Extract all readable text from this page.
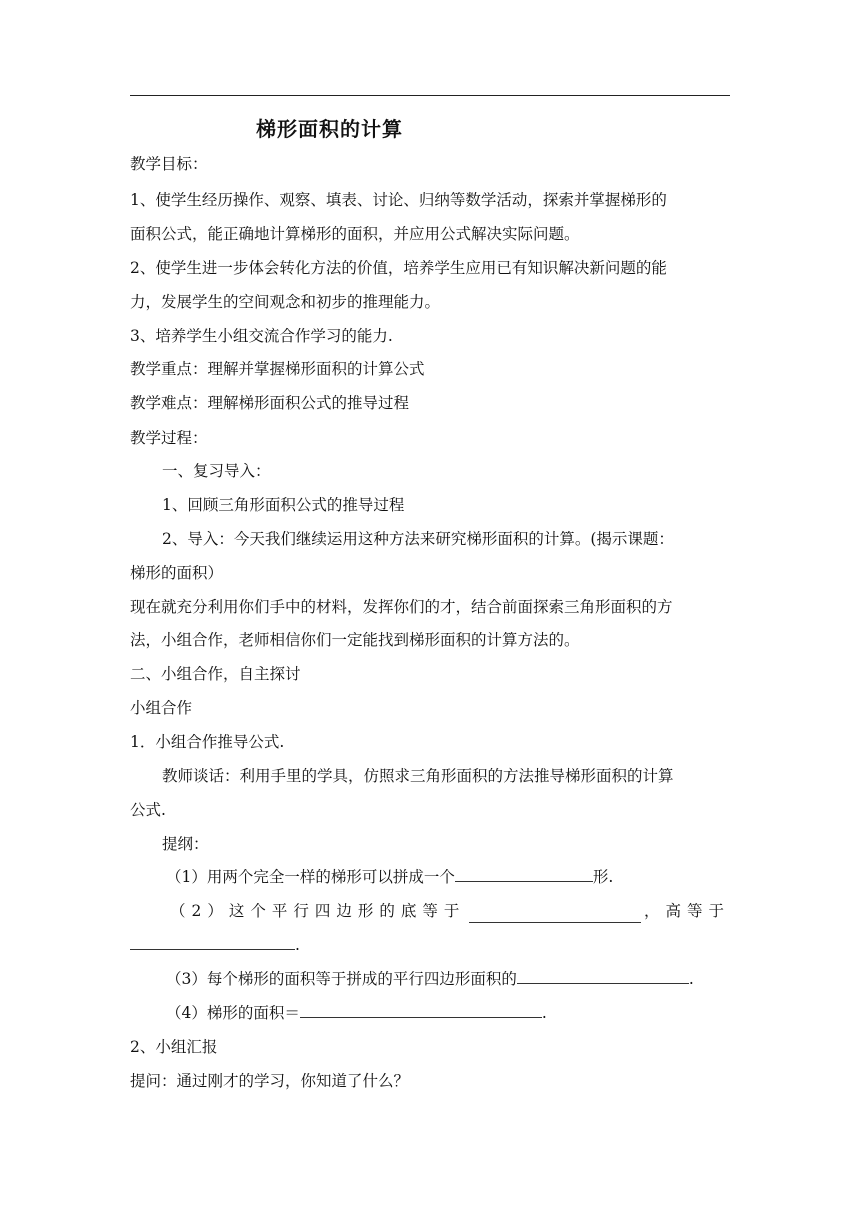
梯形面积的计算
教学目标：
1、使学生经历操作、观察、填表、讨论、归纳等数学活动，探索并掌握梯形的
面积公式，能正确地计算梯形的面积，并应用公式解决实际问题。
2、使学生进一步体会转化方法的价值，培养学生应用已有知识解决新问题的能
力，发展学生的空间观念和初步的推理能力。
3、培养学生小组交流合作学习的能力.
教学重点：理解并掌握梯形面积的计算公式
教学难点：理解梯形面积公式的推导过程
教学过程：
一、复习导入：
1、回顾三角形面积公式的推导过程
2、导入：今天我们继续运用这种方法来研究梯形面积的计算。(揭示课题：
梯形的面积）
现在就充分利用你们手中的材料，发挥你们的才，结合前面探索三角形面积的方
法，小组合作，老师相信你们一定能找到梯形面积的计算方法的。
二、小组合作，自主探讨
小组合作
1．小组合作推导公式.
教师谈话：利用手里的学具，仿照求三角形面积的方法推导梯形面积的计算
公式.
提纲：
（1）用两个完全一样的梯形可以拼成一个	形.
（2）这个平行四边形的底等于	，高等于
.
（3）每个梯形的面积等于拼成的平行四边形面积的	.
（4）梯形的面积＝	.
2、小组汇报
提问：通过刚才的学习，你知道了什么？
